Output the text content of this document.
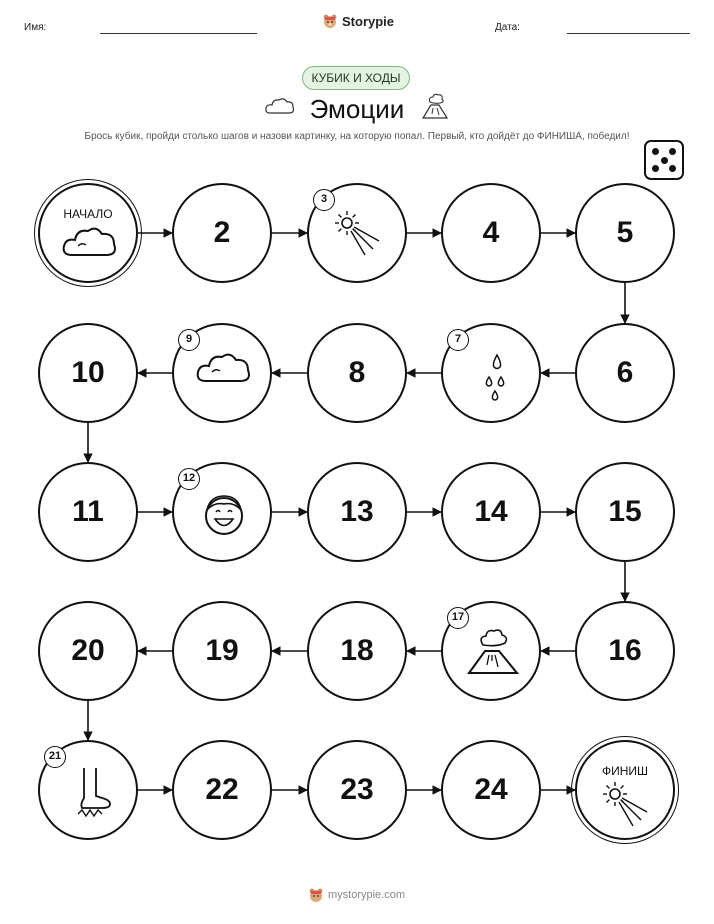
Имя:	Storypie	Дата:
КУБИК И ХОДЫ
Эмоции
Брось кубик, пройди столько шагов и назови картинку, на которую попал. Первый, кто дойдёт до ФИНИША, победил!
НАЧАЛО
2
3
4	5
6
7
8
9
10
11
12
13	14	15
16
17
18
19
20
21
22	23	24
ФИНИШ
mystorypie.com
